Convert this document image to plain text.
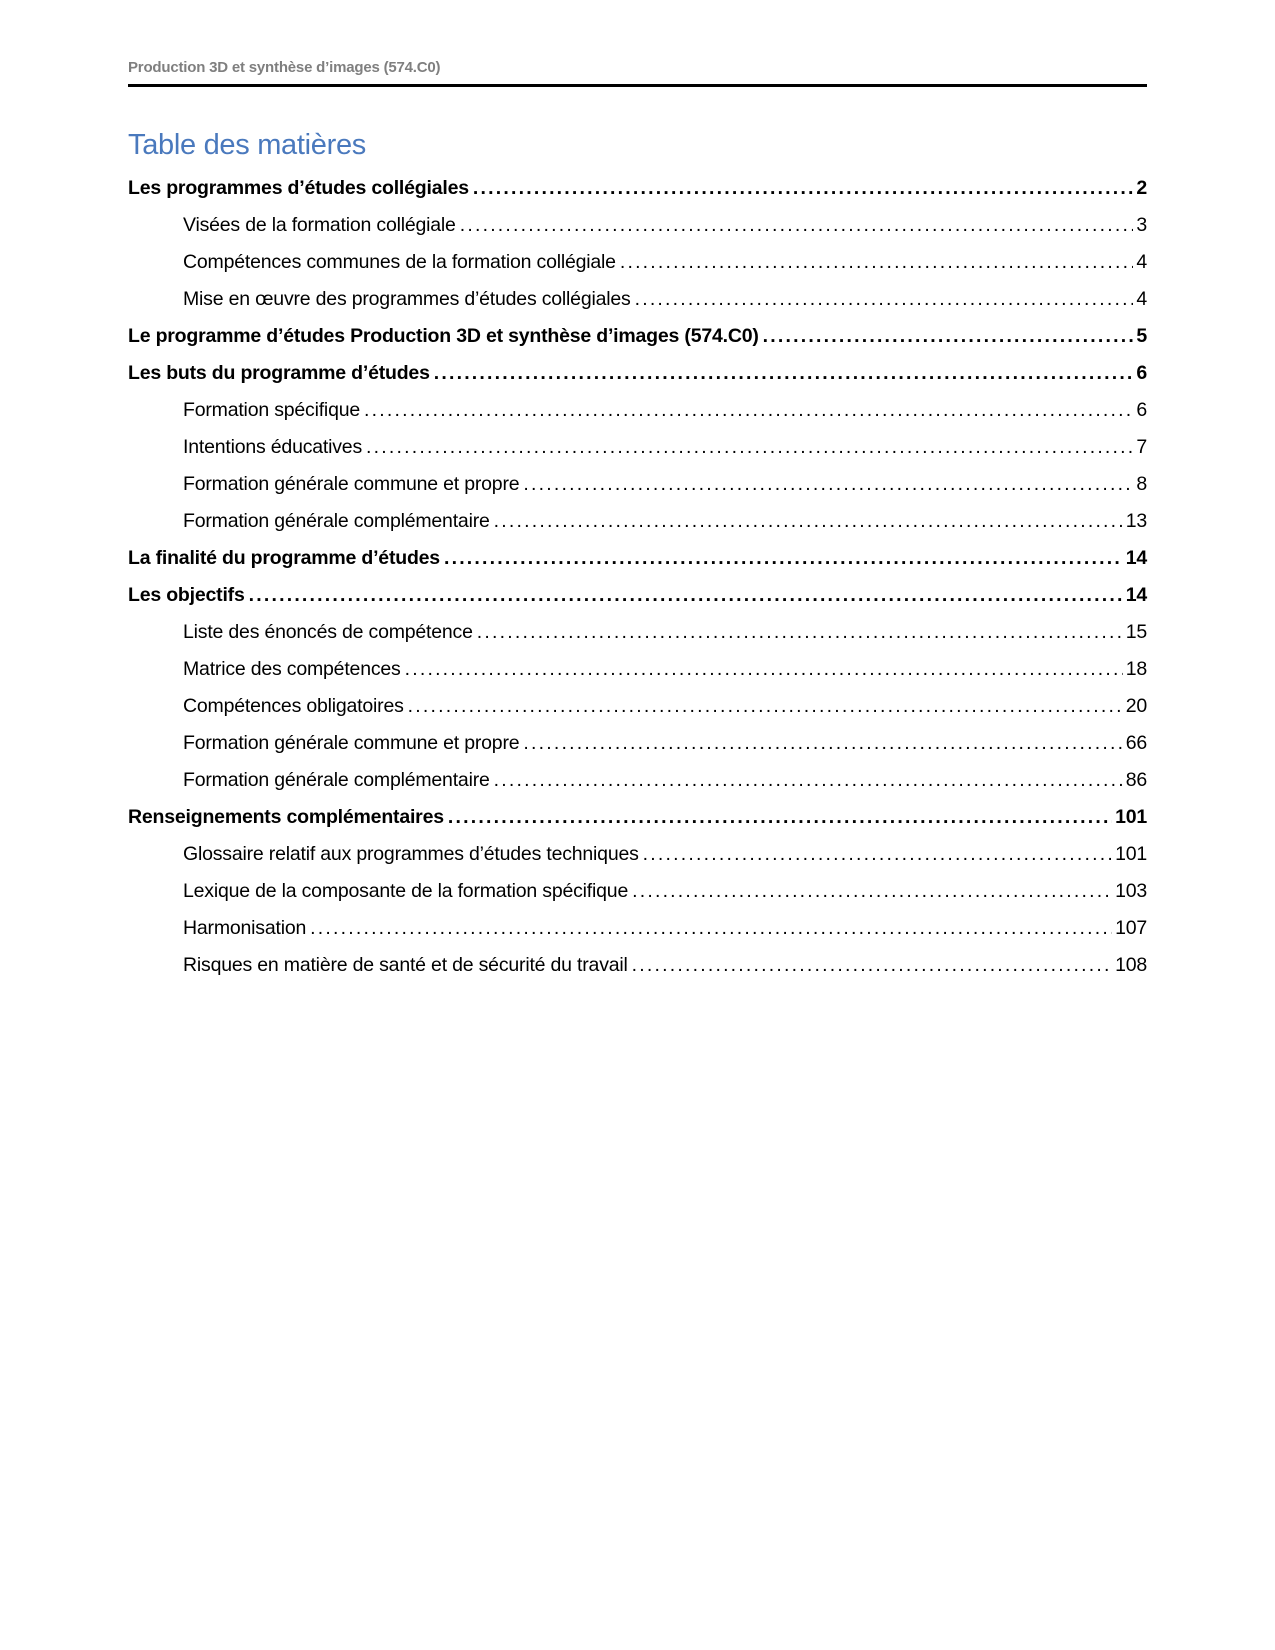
Production 3D et synthèse d’images (574.C0)
Table des matières
Les programmes d’études collégiales .....	2
Visées de la formation collégiale .....	3
Compétences communes de la formation collégiale .....	4
Mise en œuvre des programmes d’études collégiales .....	4
Le programme d’études Production 3D et synthèse d’images (574.C0) .....	5
Les buts du programme d’études .....	6
Formation spécifique .....	6
Intentions éducatives .....	7
Formation générale commune et propre .....	8
Formation générale complémentaire .....	13
La finalité du programme d’études .....	14
Les objectifs .....	14
Liste des énoncés de compétence .....	15
Matrice des compétences .....	18
Compétences obligatoires .....	20
Formation générale commune et propre .....	66
Formation générale complémentaire .....	86
Renseignements complémentaires .....	101
Glossaire relatif aux programmes d’études techniques .....	101
Lexique de la composante de la formation spécifique .....	103
Harmonisation .....	107
Risques en matière de santé et de sécurité du travail .....	108
